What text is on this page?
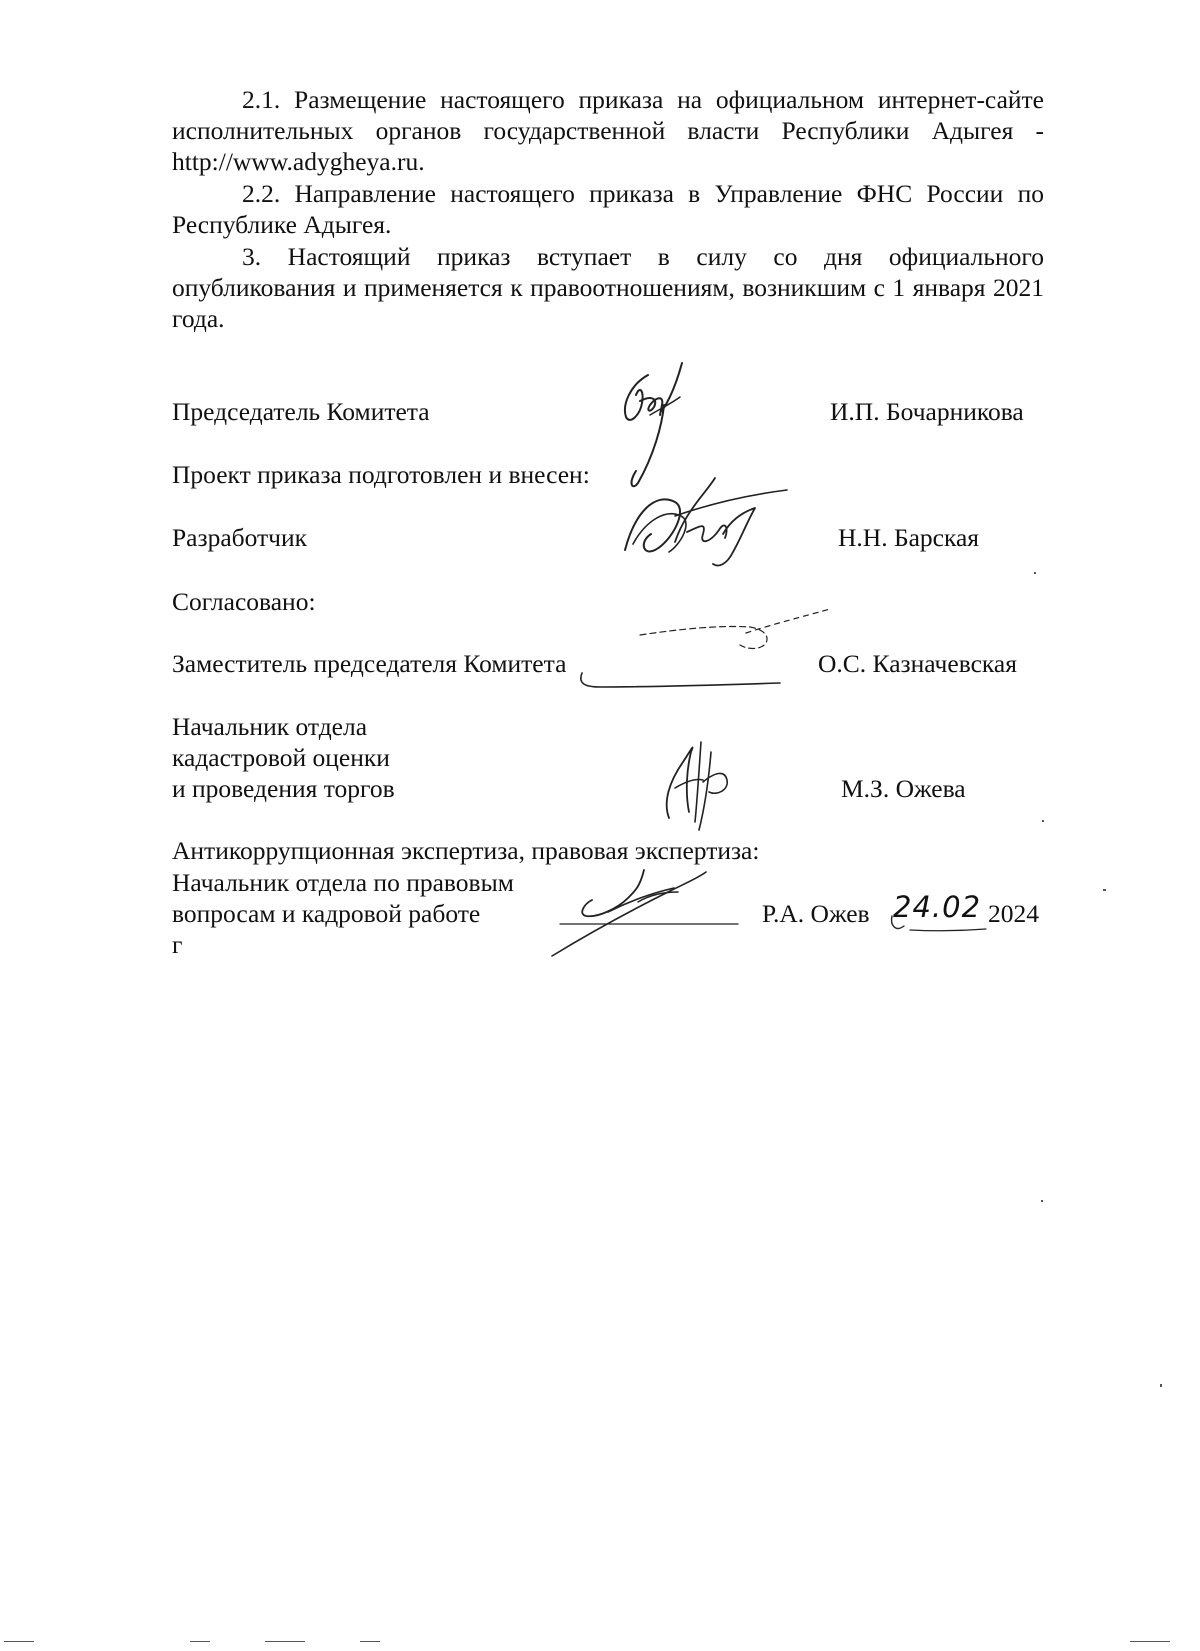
2.1. Размещение настоящего приказа на официальном интернет-сайте исполнительных органов государственной власти Республики Адыгея - http://www.adygheya.ru.

2.2. Направление настоящего приказа в Управление ФНС России по Республике Адыгея.

3. Настоящий приказ вступает в силу со дня официального опубликования и применяется к правоотношениям, возникшим с 1 января 2021 года.

Председатель Комитета	И.П. Бочарникова
Проект приказа подготовлен и внесен:
Разработчик	Н.Н. Барская
Согласовано:
Заместитель председателя Комитета	О.С. Казначевская
Начальник отдела
кадастровой оценки
и проведения торгов	М.З. Ожева
Антикоррупционная экспертиза, правовая экспертиза:
Начальник отдела по правовым
вопросам и кадровой работе
г
Р.А. Ожев 24.02 2024
